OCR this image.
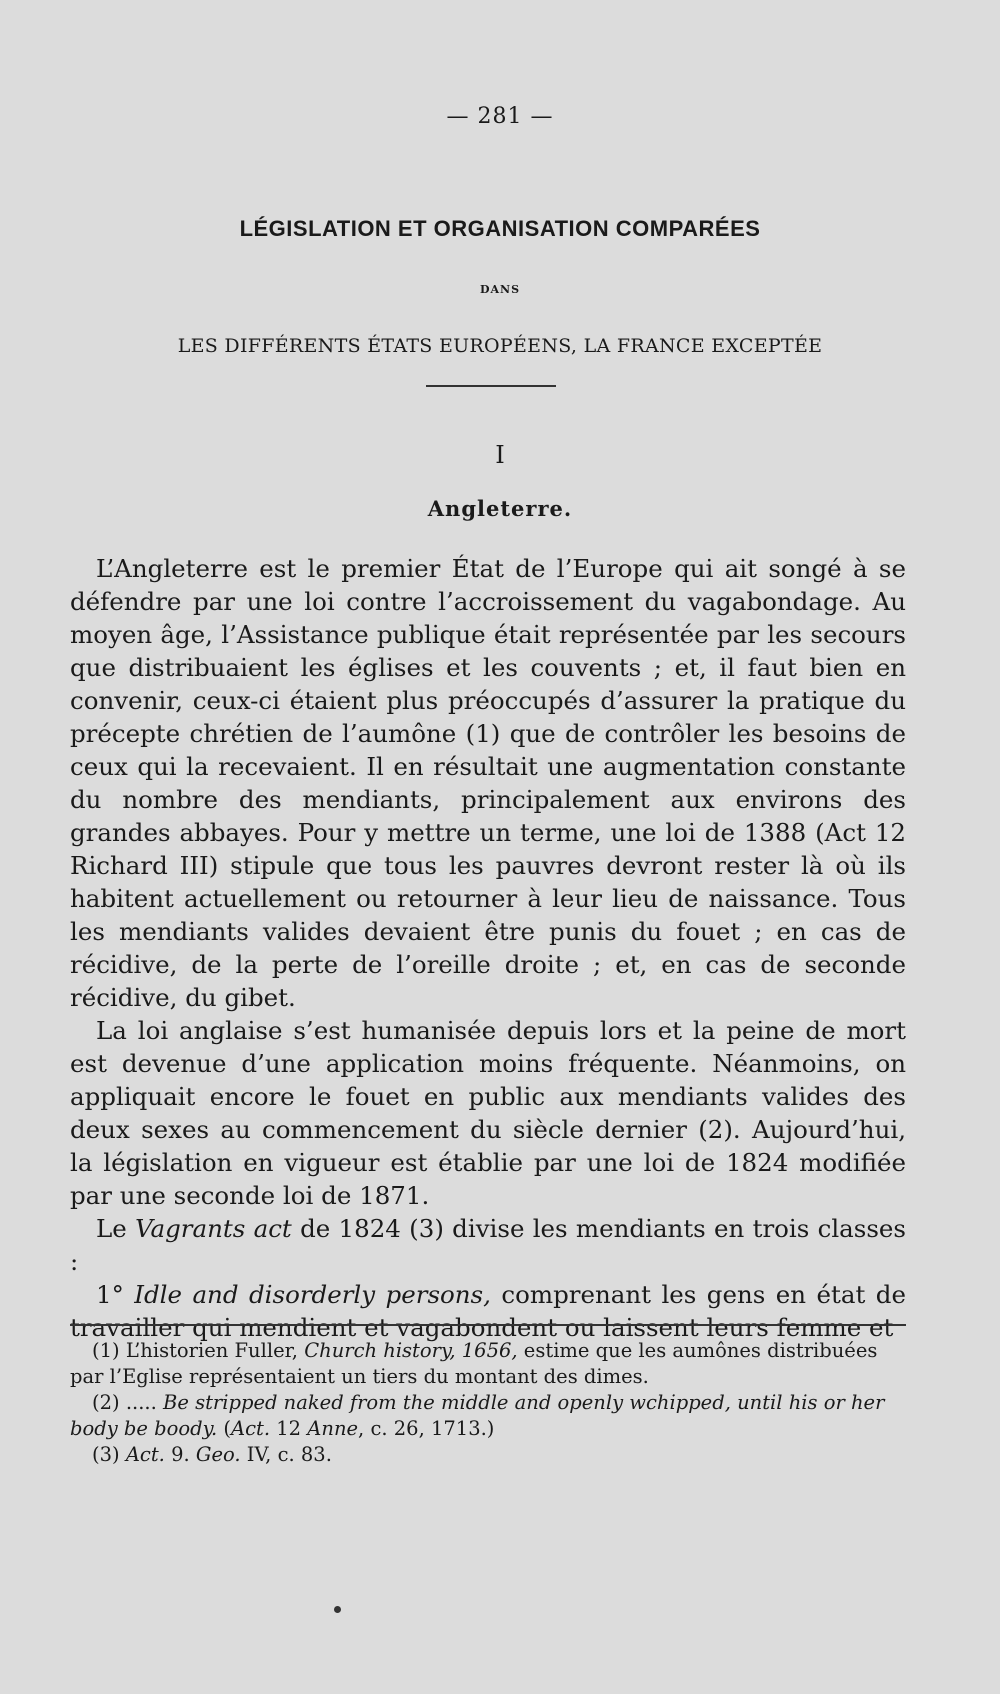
— 281 —
LÉGISLATION ET ORGANISATION COMPARÉES
DANS
LES DIFFÉRENTS ÉTATS EUROPÉENS, LA FRANCE EXCEPTÉE
I
Angleterre.

L’Angleterre est le premier État de l’Europe qui ait songé à se défendre par une loi contre l’accroissement du vagabondage. Au moyen âge, l’Assistance publique était représentée par les secours que distribuaient les églises et les couvents ; et, il faut bien en convenir, ceux-ci étaient plus préoccupés d’assurer la pratique du précepte chrétien de l’aumône (1) que de contrôler les besoins de ceux qui la recevaient. Il en résultait une augmentation constante du nombre des mendiants, principalement aux environs des grandes abbayes. Pour y mettre un terme, une loi de 1388 (Act 12 Richard III) stipule que tous les pauvres devront rester là où ils habitent actuellement ou retourner à leur lieu de naissance. Tous les mendiants valides devaient être punis du fouet ; en cas de récidive, de la perte de l’oreille droite ; et, en cas de seconde récidive, du gibet.

La loi anglaise s’est humanisée depuis lors et la peine de mort est devenue d’une application moins fréquente. Néanmoins, on appliquait encore le fouet en public aux mendiants valides des deux sexes au commencement du siècle dernier (2). Aujourd’hui, la législation en vigueur est établie par une loi de 1824 modifiée par une seconde loi de 1871.

Le Vagrants act de 1824 (3) divise les mendiants en trois classes :

1° Idle and disorderly persons, comprenant les gens en état de travailler qui mendient et vagabondent ou laissent leurs femme et

(1) L’historien Fuller, Church history, 1656, estime que les aumônes distribuées par l’Eglise représentaient un tiers du montant des dimes.

(2) ..... Be stripped naked from the middle and openly wchipped, until his or her body be boody. (Act. 12 Anne, c. 26, 1713.)

(3) Act. 9. Geo. IV, c. 83.
